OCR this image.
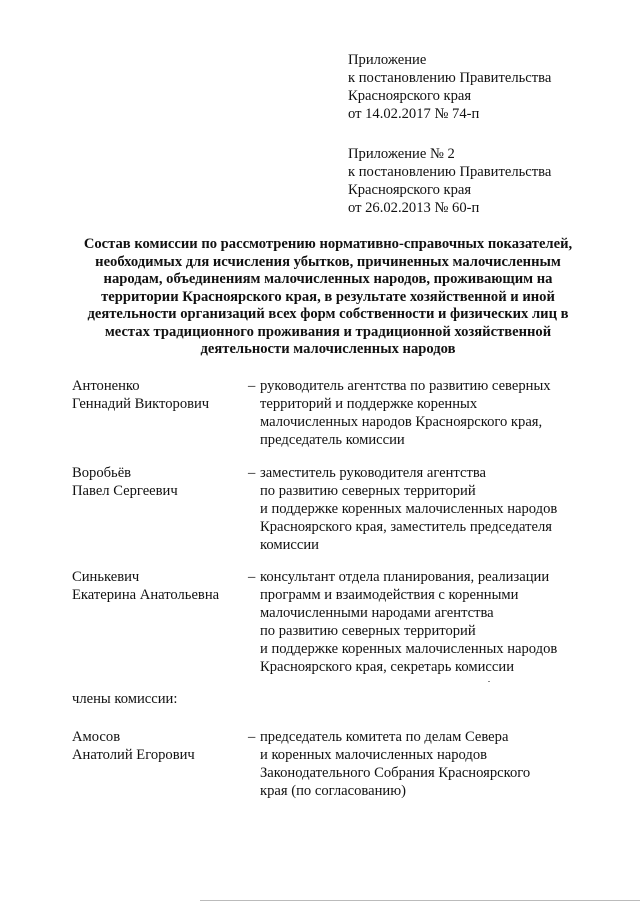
Приложение
к постановлению Правительства
Красноярского края
от 14.02.2017 № 74-п
Приложение № 2
к постановлению Правительства
Красноярского края
от 26.02.2013 № 60-п
Состав комиссии по рассмотрению нормативно-справочных показателей,
необходимых для исчисления убытков, причиненных малочисленным
народам, объединениям малочисленных народов, проживающим на
территории Красноярского края, в результате хозяйственной и иной
деятельности организаций всех форм собственности и физических лиц в
местах традиционного проживания и традиционной хозяйственной
деятельности малочисленных народов
Антоненко
Геннадий Викторович
– руководитель агентства по развитию северных
территорий и поддержке коренных
малочисленных народов Красноярского края,
председатель комиссии
Воробьёв
Павел Сергеевич
– заместитель руководителя агентства
по развитию северных территорий
и поддержке коренных малочисленных народов
Красноярского края, заместитель председателя
комиссии
Синькевич
Екатерина Анатольевна
– консультант отдела планирования, реализации
программ и взаимодействия с коренными
малочисленными народами агентства
по развитию северных территорий
и поддержке коренных малочисленных народов
Красноярского края, секретарь комиссии
члены комиссии:
Амосов
Анатолий Егорович
– председатель комитета по делам Севера
и коренных малочисленных народов
Законодательного Собрания Красноярского
края (по согласованию)
